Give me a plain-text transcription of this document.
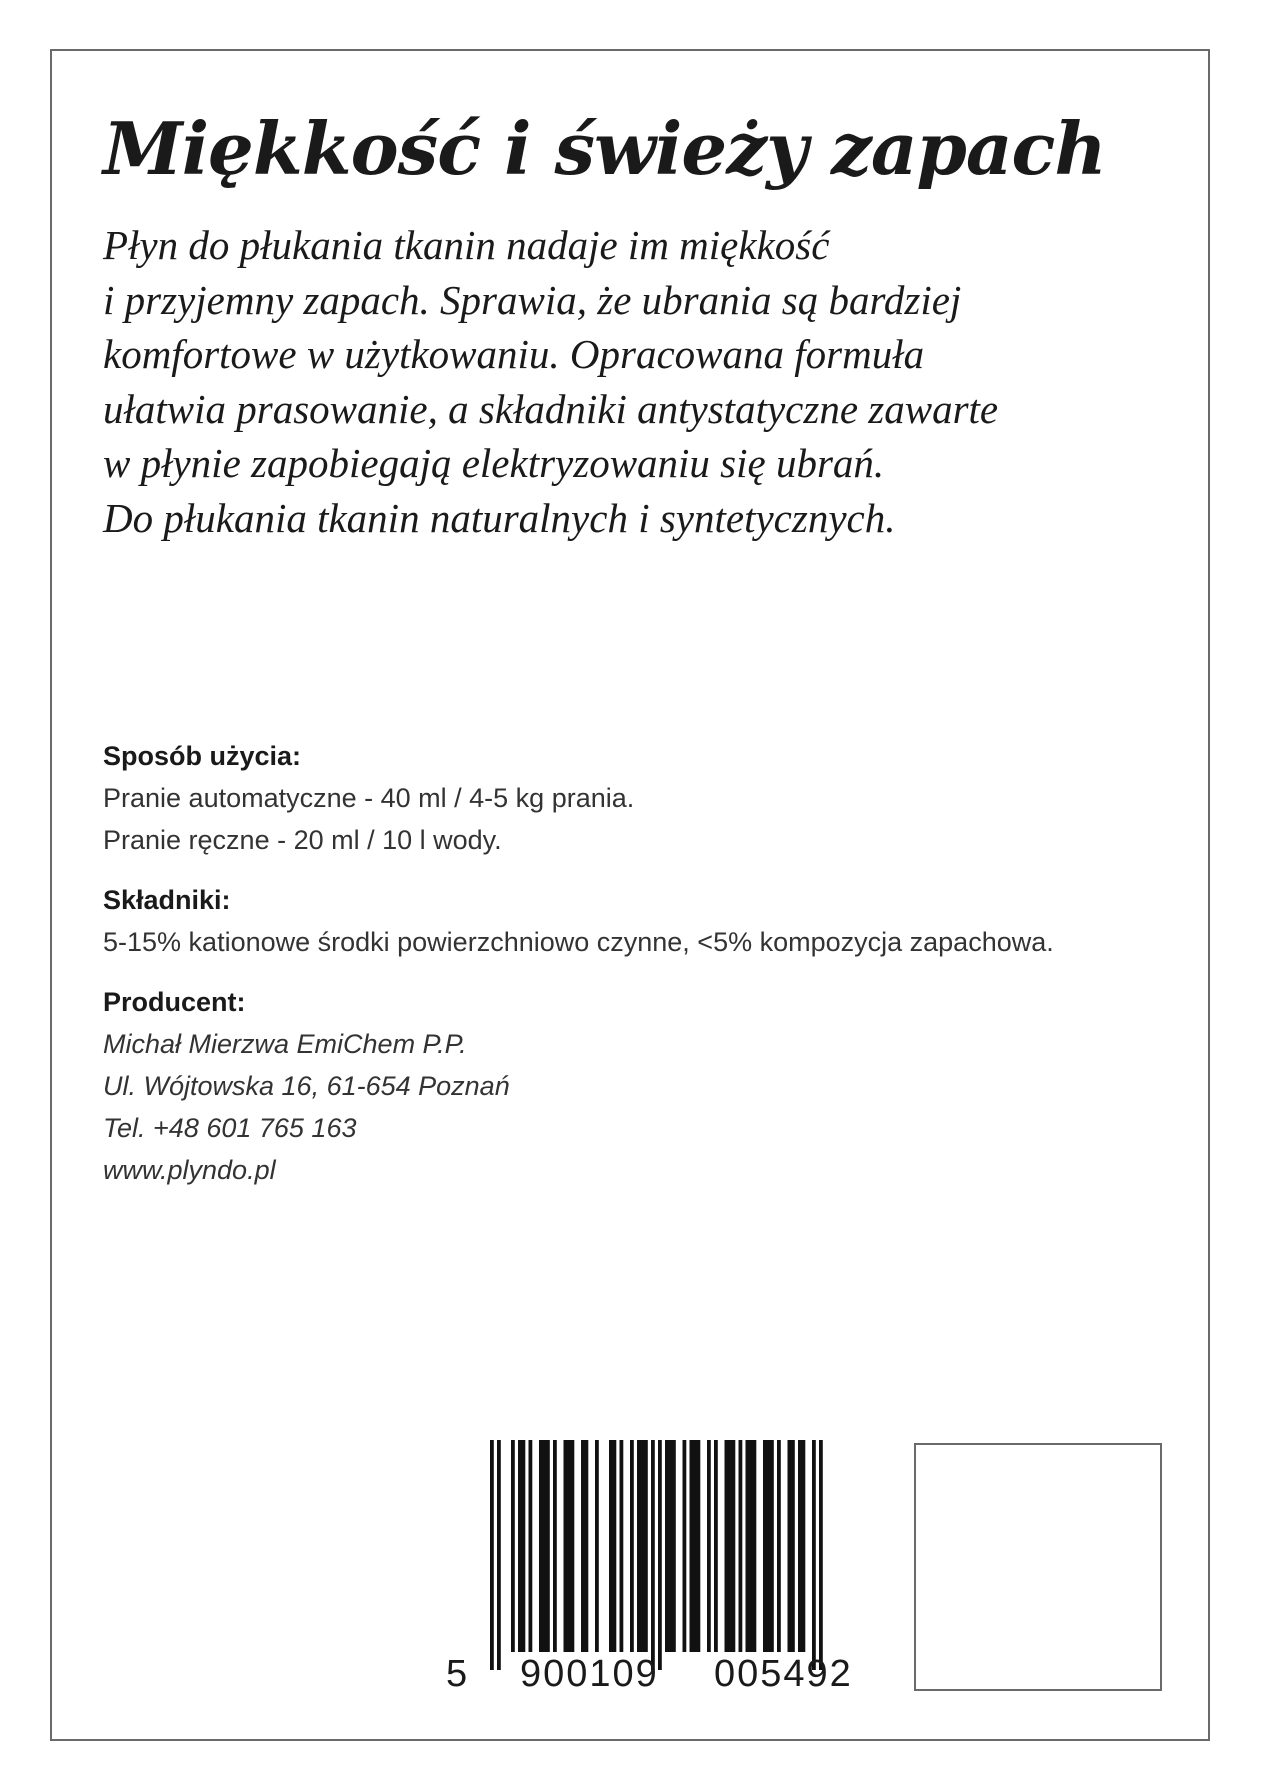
Miękkość i świeży zapach
Płyn do płukania tkanin nadaje im miękkość
i przyjemny zapach. Sprawia, że ubrania są bardziej
komfortowe w użytkowaniu. Opracowana formuła
ułatwia prasowanie, a składniki antystatyczne zawarte
w płynie zapobiegają elektryzowaniu się ubrań.
Do płukania tkanin naturalnych i syntetycznych.
Sposób użycia:
Pranie automatyczne - 40 ml / 4-5 kg prania.
Pranie ręczne - 20 ml / 10 l wody.
Składniki:
5-15% kationowe środki powierzchniowo czynne, <5% kompozycja zapachowa.
Producent:
Michał Mierzwa EmiChem P.P.
Ul. Wójtowska 16, 61-654 Poznań
Tel. +48 601 765 163
www.plyndo.pl
5 900109 005492
